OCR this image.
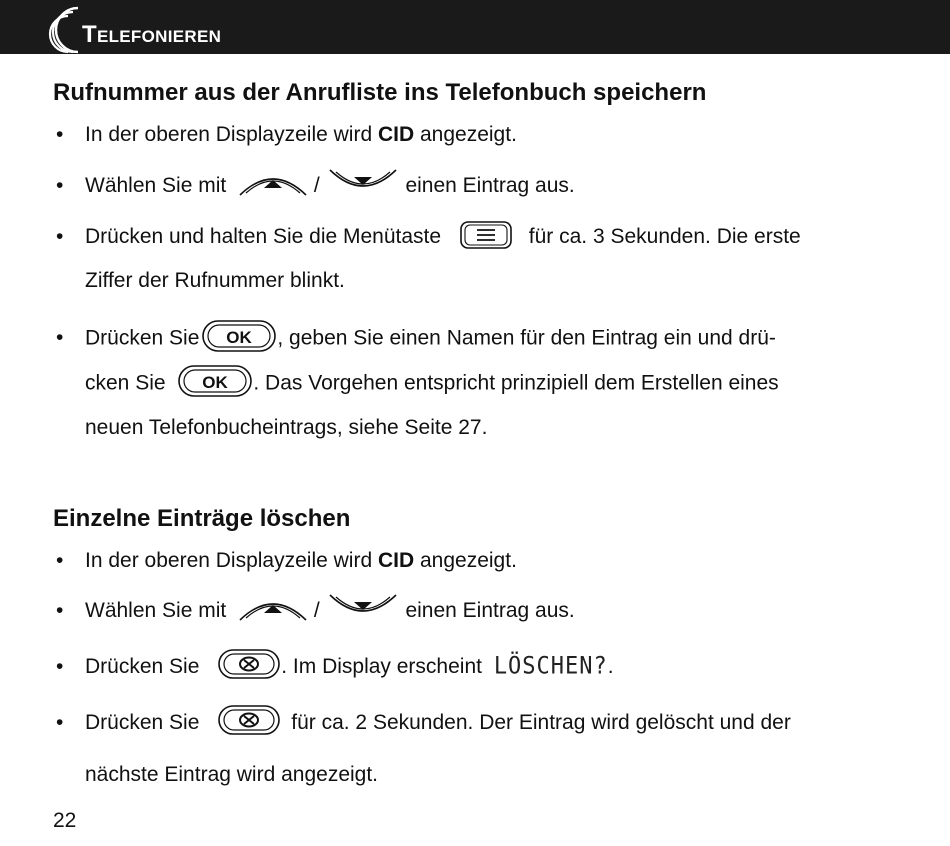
TELEFONIEREN
Rufnummer aus der Anrufliste ins Telefonbuch speichern
• In der oberen Displayzeile wird CID angezeigt.
• Wählen Sie mit	/	einen Eintrag aus.
• Drücken und halten Sie die Menütaste	für ca. 3 Sekunden. Die erste
Ziffer der Rufnummer blinkt.
• Drücken Sie OK , geben Sie einen Namen für den Eintrag ein und drü-
cken Sie OK . Das Vorgehen entspricht prinzipiell dem Erstellen eines
neuen Telefonbucheintrags, siehe Seite 27.
Einzelne Einträge löschen
• In der oberen Displayzeile wird CID angezeigt.
• Wählen Sie mit	/	einen Eintrag aus.
• Drücken Sie	. Im Display erscheint LÖSCHEN?.
• Drücken Sie	für ca. 2 Sekunden. Der Eintrag wird gelöscht und der
nächste Eintrag wird angezeigt.
22
